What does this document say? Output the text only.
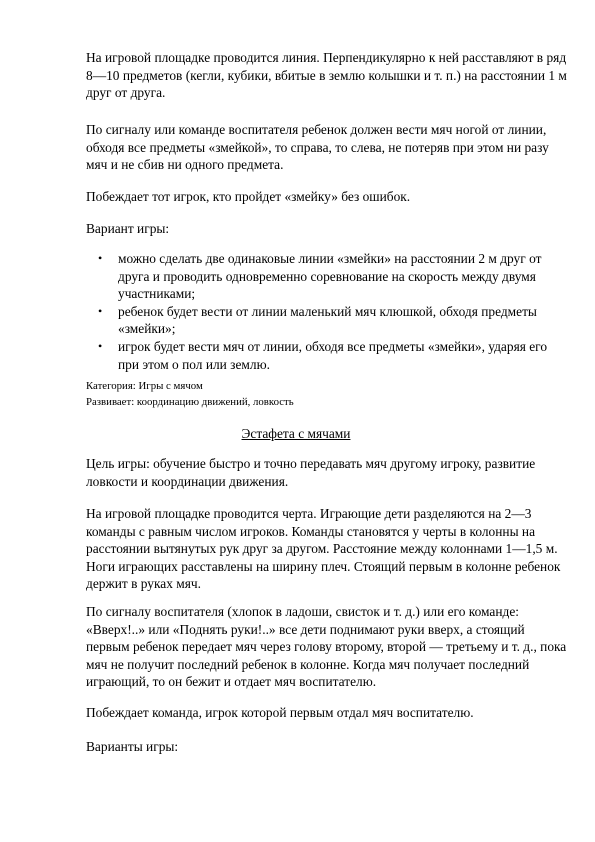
На игровой площадке проводится линия. Перпендикулярно к ней расставляют в ряд 8—10 предметов (кегли, кубики, вбитые в землю колышки и т. п.) на расстоянии 1 м друг от друга.

По сигналу или команде воспитателя ребенок должен вести мяч ногой от линии, обходя все предметы «змейкой», то справа, то слева, не потеряв при этом ни разу мяч и не сбив ни одного предмета.

Побеждает тот игрок, кто пройдет «змейку» без ошибок.

Вариант игры:

• можно сделать две одинаковые линии «змейки» на расстоянии 2 м друг от друга и проводить одновременно соревнование на скорость между двумя участниками;
• ребенок будет вести от линии маленький мяч клюшкой, обходя предметы «змейки»;
• игрок будет вести мяч от линии, обходя все предметы «змейки», ударяя его при этом о пол или землю.

Категория: Игры с мячом

Развивает: координацию движений, ловкость

Эстафета с мячами

Цель игры: обучение быстро и точно передавать мяч другому игроку, развитие ловкости и координации движения.

На игровой площадке проводится черта. Играющие дети разделяются на 2—3 команды с равным числом игроков. Команды становятся у черты в колонны на расстоянии вытянутых рук друг за другом. Расстояние между колоннами 1—1,5 м. Ноги играющих расставлены на ширину плеч. Стоящий первым в колонне ребенок держит в руках мяч.

По сигналу воспитателя (хлопок в ладоши, свисток и т. д.) или его команде: «Вверх!..» или «Поднять руки!..» все дети поднимают руки вверх, а стоящий первым ребенок передает мяч через голову второму, второй — третьему и т. д., пока мяч не получит последний ребенок в колонне. Когда мяч получает последний играющий, то он бежит и отдает мяч воспитателю.

Побеждает команда, игрок которой первым отдал мяч воспитателю.

Варианты игры:
